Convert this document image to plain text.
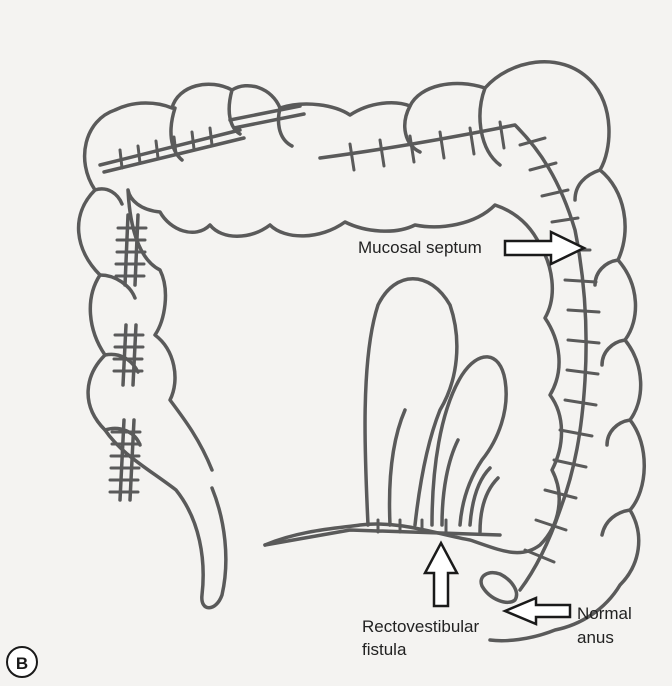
Mucosal septum
Rectovestibular
fistula
Normal
anus
B
